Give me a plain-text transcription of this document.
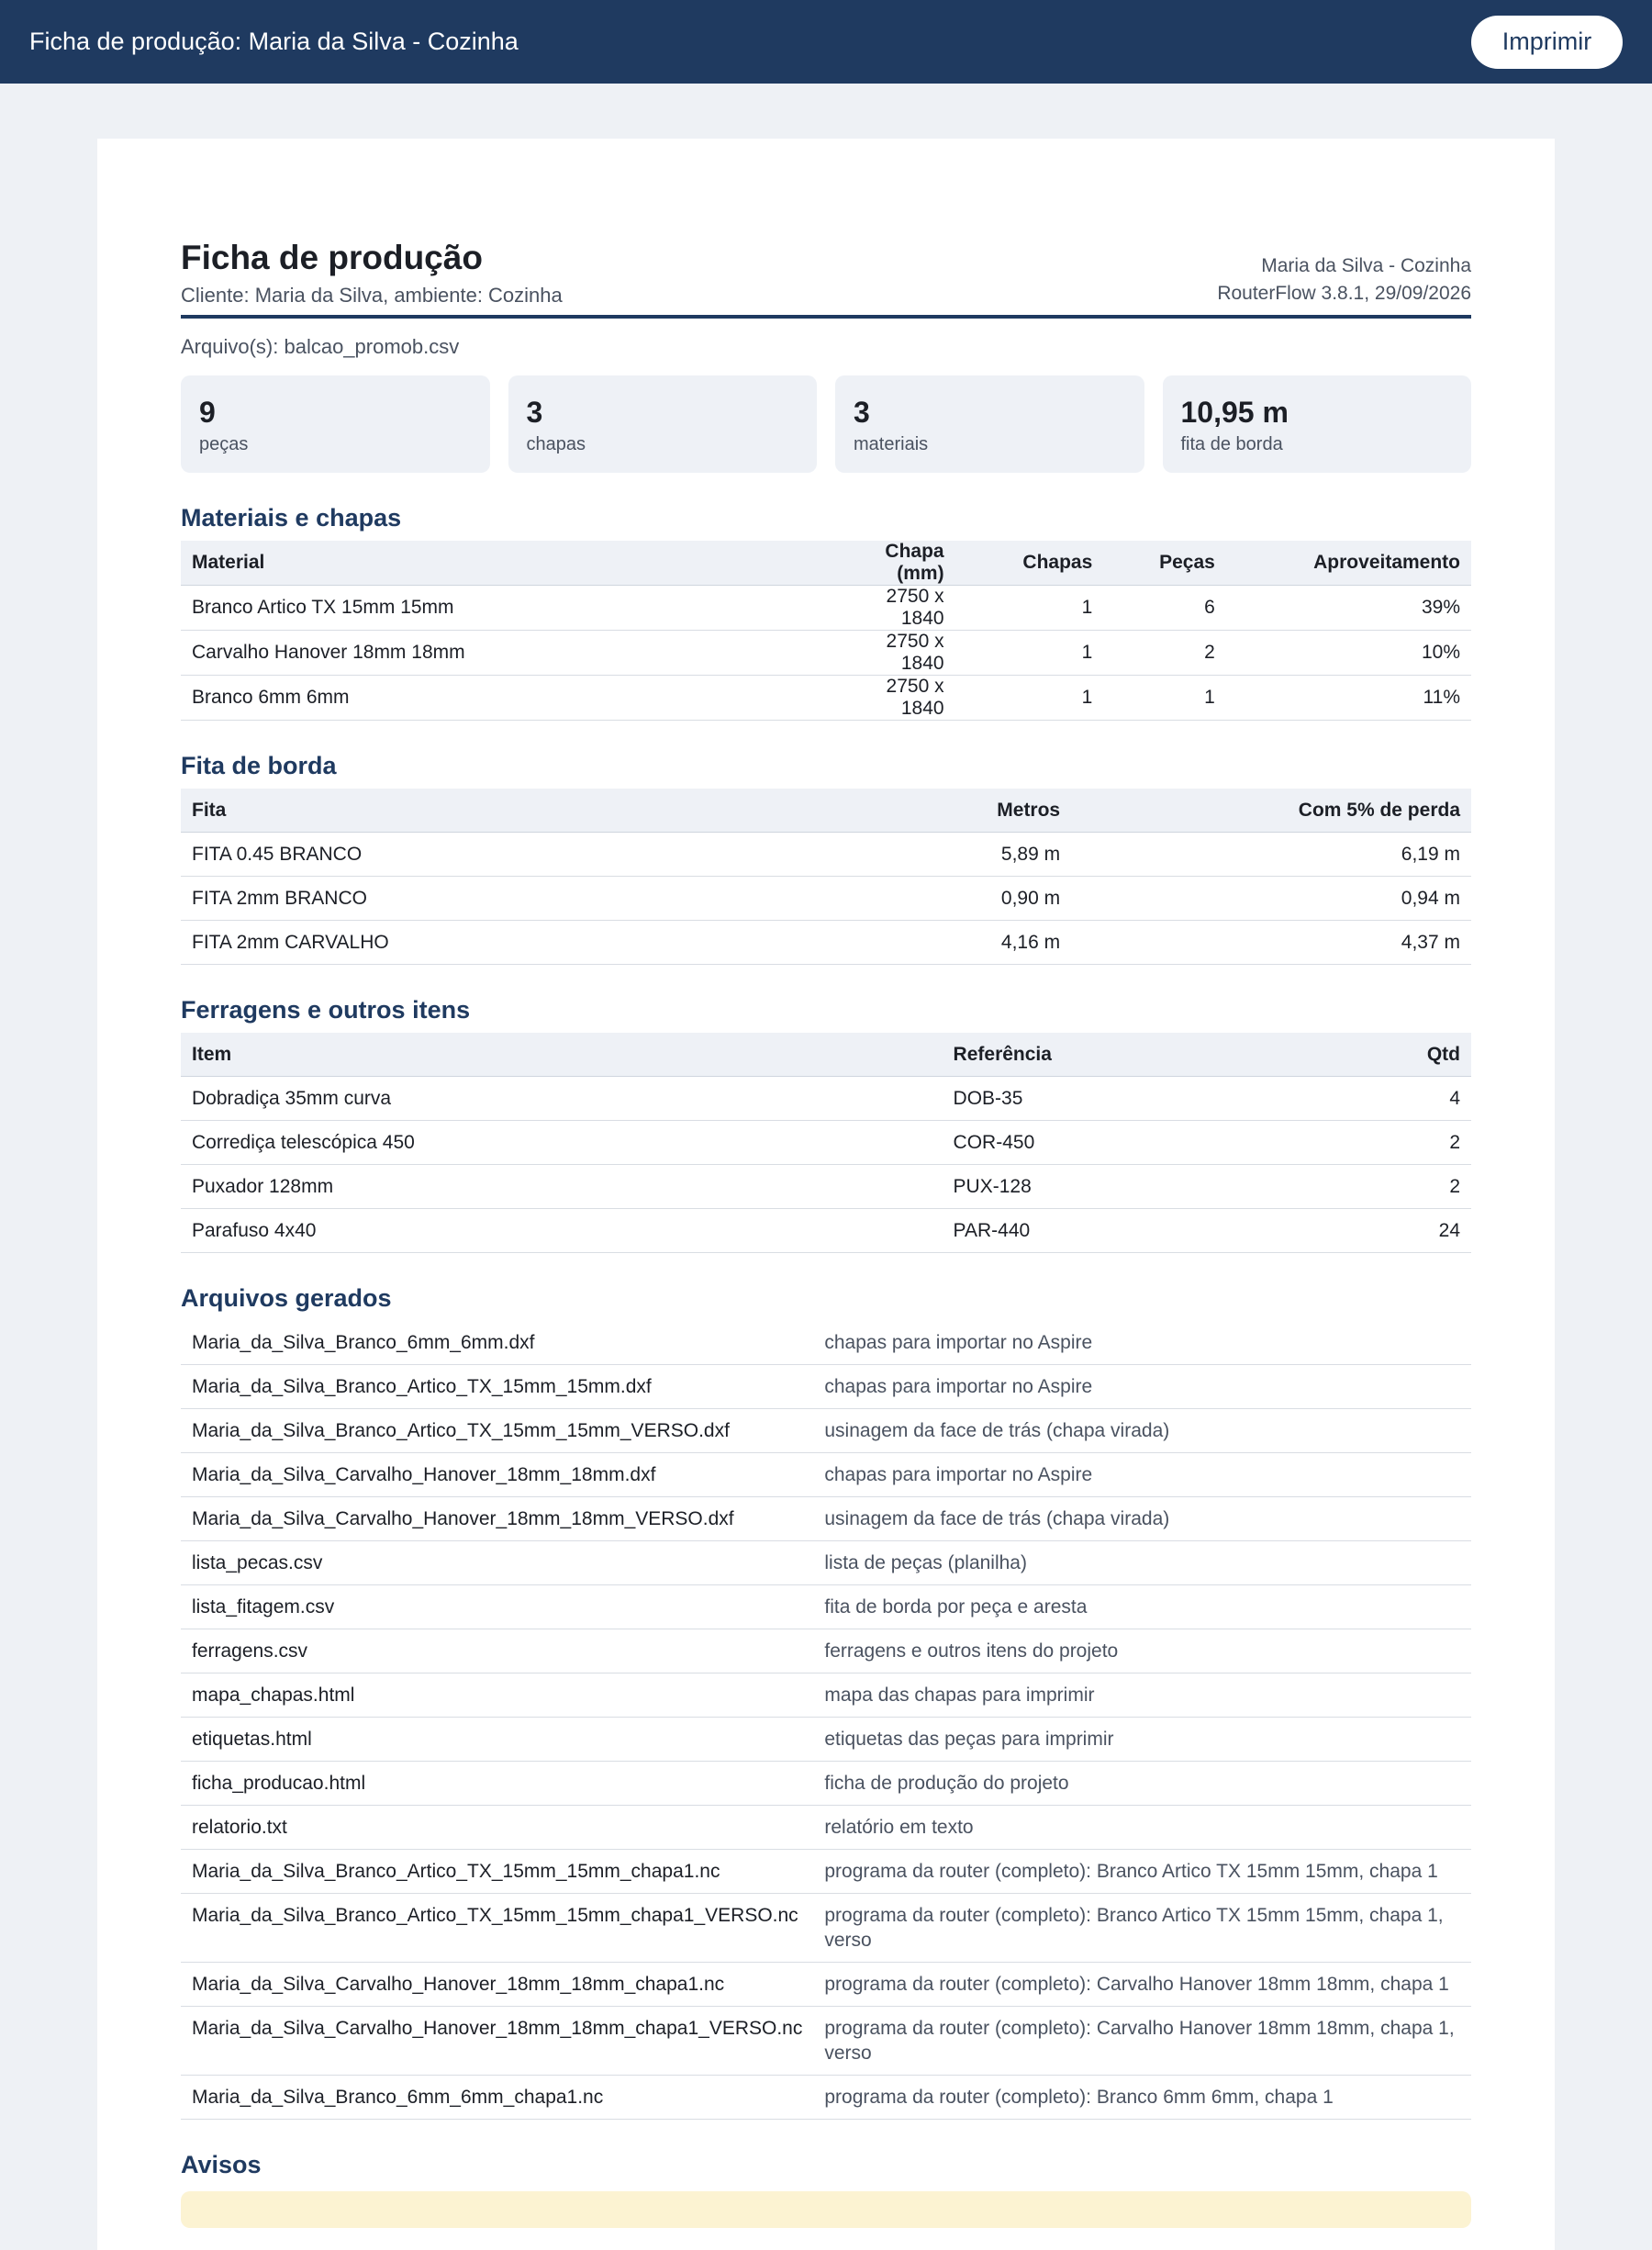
Ficha de produção: Maria da Silva - Cozinha	Imprimir
Ficha de produção
Cliente: Maria da Silva, ambiente: Cozinha
Maria da Silva - Cozinha
RouterFlow 3.8.1, 29/09/2026
Arquivo(s): balcao_promob.csv
9
peças
3
chapas
3
materiais
10,95 m
fita de borda
Materiais e chapas
Material	Chapa (mm)	Chapas	Peças	Aproveitamento
Branco Artico TX 15mm 15mm	2750 x 1840	1	6	39%
Carvalho Hanover 18mm 18mm	2750 x 1840	1	2	10%
Branco 6mm 6mm	2750 x 1840	1	1	11%
Fita de borda
Fita	Metros	Com 5% de perda
FITA 0.45 BRANCO	5,89 m	6,19 m
FITA 2mm BRANCO	0,90 m	0,94 m
FITA 2mm CARVALHO	4,16 m	4,37 m
Ferragens e outros itens
Item	Referência	Qtd
Dobradiça 35mm curva	DOB-35	4
Corrediça telescópica 450	COR-450	2
Puxador 128mm	PUX-128	2
Parafuso 4x40	PAR-440	24
Arquivos gerados
Maria_da_Silva_Branco_6mm_6mm.dxf	chapas para importar no Aspire
Maria_da_Silva_Branco_Artico_TX_15mm_15mm.dxf	chapas para importar no Aspire
Maria_da_Silva_Branco_Artico_TX_15mm_15mm_VERSO.dxf	usinagem da face de trás (chapa virada)
Maria_da_Silva_Carvalho_Hanover_18mm_18mm.dxf	chapas para importar no Aspire
Maria_da_Silva_Carvalho_Hanover_18mm_18mm_VERSO.dxf	usinagem da face de trás (chapa virada)
lista_pecas.csv	lista de peças (planilha)
lista_fitagem.csv	fita de borda por peça e aresta
ferragens.csv	ferragens e outros itens do projeto
mapa_chapas.html	mapa das chapas para imprimir
etiquetas.html	etiquetas das peças para imprimir
ficha_producao.html	ficha de produção do projeto
relatorio.txt	relatório em texto
Maria_da_Silva_Branco_Artico_TX_15mm_15mm_chapa1.nc	programa da router (completo): Branco Artico TX 15mm 15mm, chapa 1
Maria_da_Silva_Branco_Artico_TX_15mm_15mm_chapa1_VERSO.nc	programa da router (completo): Branco Artico TX 15mm 15mm, chapa 1, verso
Maria_da_Silva_Carvalho_Hanover_18mm_18mm_chapa1.nc	programa da router (completo): Carvalho Hanover 18mm 18mm, chapa 1
Maria_da_Silva_Carvalho_Hanover_18mm_18mm_chapa1_VERSO.nc	programa da router (completo): Carvalho Hanover 18mm 18mm, chapa 1, verso
Maria_da_Silva_Branco_6mm_6mm_chapa1.nc	programa da router (completo): Branco 6mm 6mm, chapa 1
Avisos
